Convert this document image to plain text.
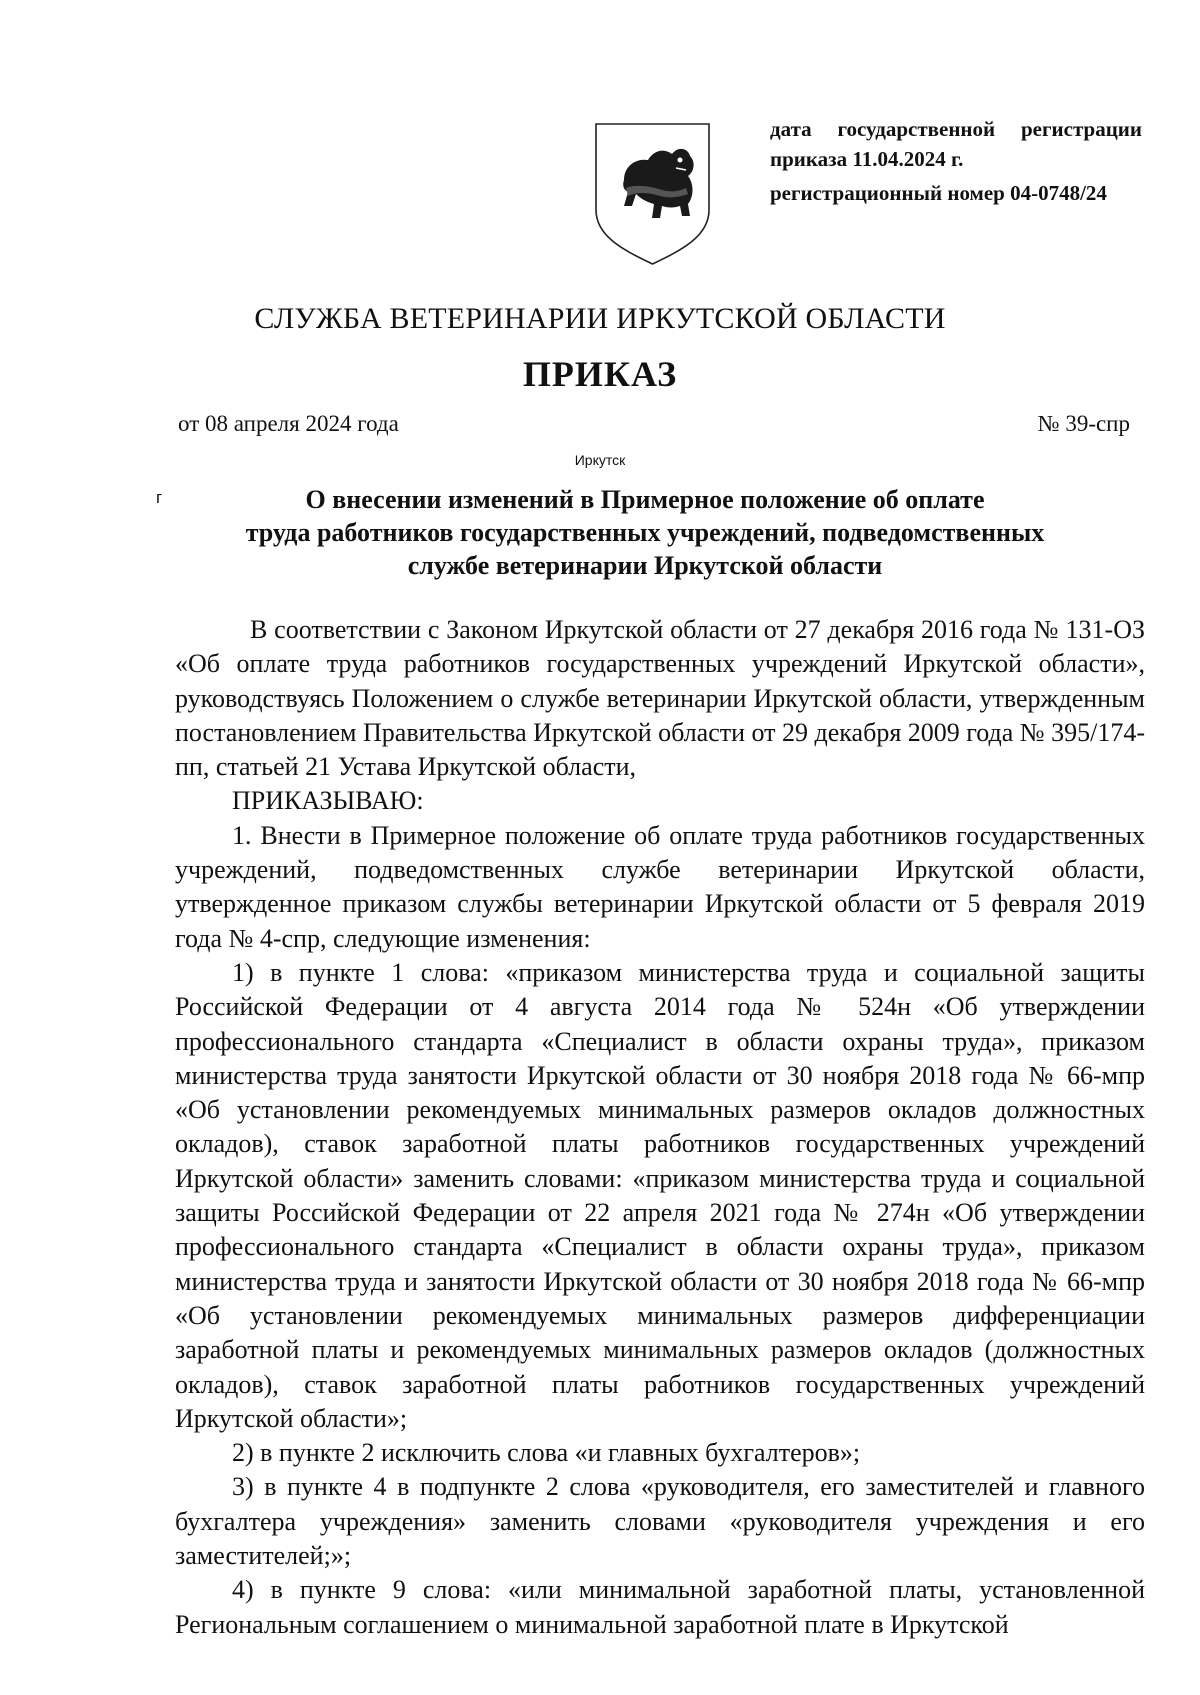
дата государственной регистрации
приказа 11.04.2024 г.
регистрационный номер 04-0748/24
СЛУЖБА ВЕТЕРИНАРИИ ИРКУТСКОЙ ОБЛАСТИ
ПРИКАЗ
от 08 апреля 2024 года	№ 39-спр
Иркутск
г	О внесении изменений в Примерное положение об оплате
труда работников государственных учреждений, подведомственных
службе ветеринарии Иркутской области

В соответствии с Законом Иркутской области от 27 декабря 2016 года № 131-ОЗ «Об оплате труда работников государственных учреждений Иркутской области», руководствуясь Положением о службе ветеринарии Иркутской области, утвержденным постановлением Правительства Иркутской области от 29 декабря 2009 года № 395/174-пп, статьей 21 Устава Иркутской области,

ПРИКАЗЫВАЮ:

1. Внести в Примерное положение об оплате труда работников государственных учреждений, подведомственных службе ветеринарии Иркутской области, утвержденное приказом службы ветеринарии Иркутской области от 5 февраля 2019 года № 4-спр, следующие изменения:

1) в пункте 1 слова: «приказом министерства труда и социальной защиты Российской Федерации от 4 августа 2014 года № 524н «Об утверждении профессионального стандарта «Специалист в области охраны труда», приказом министерства труда занятости Иркутской области от 30 ноября 2018 года № 66-мпр «Об установлении рекомендуемых минимальных размеров окладов должностных окладов), ставок заработной платы работников государственных учреждений Иркутской области» заменить словами: «приказом министерства труда и социальной защиты Российской Федерации от 22 апреля 2021 года № 274н «Об утверждении профессионального стандарта «Специалист в области охраны труда», приказом министерства труда и занятости Иркутской области от 30 ноября 2018 года № 66-мпр «Об установлении рекомендуемых минимальных размеров дифференциации заработной платы и рекомендуемых минимальных размеров окладов (должностных окладов), ставок заработной платы работников государственных учреждений Иркутской области»;

2) в пункте 2 исключить слова «и главных бухгалтеров»;

3) в пункте 4 в подпункте 2 слова «руководителя, его заместителей и главного бухгалтера учреждения» заменить словами «руководителя учреждения и его заместителей;»;

4) в пункте 9 слова: «или минимальной заработной платы, установленной Региональным соглашением о минимальной заработной плате в Иркутской
